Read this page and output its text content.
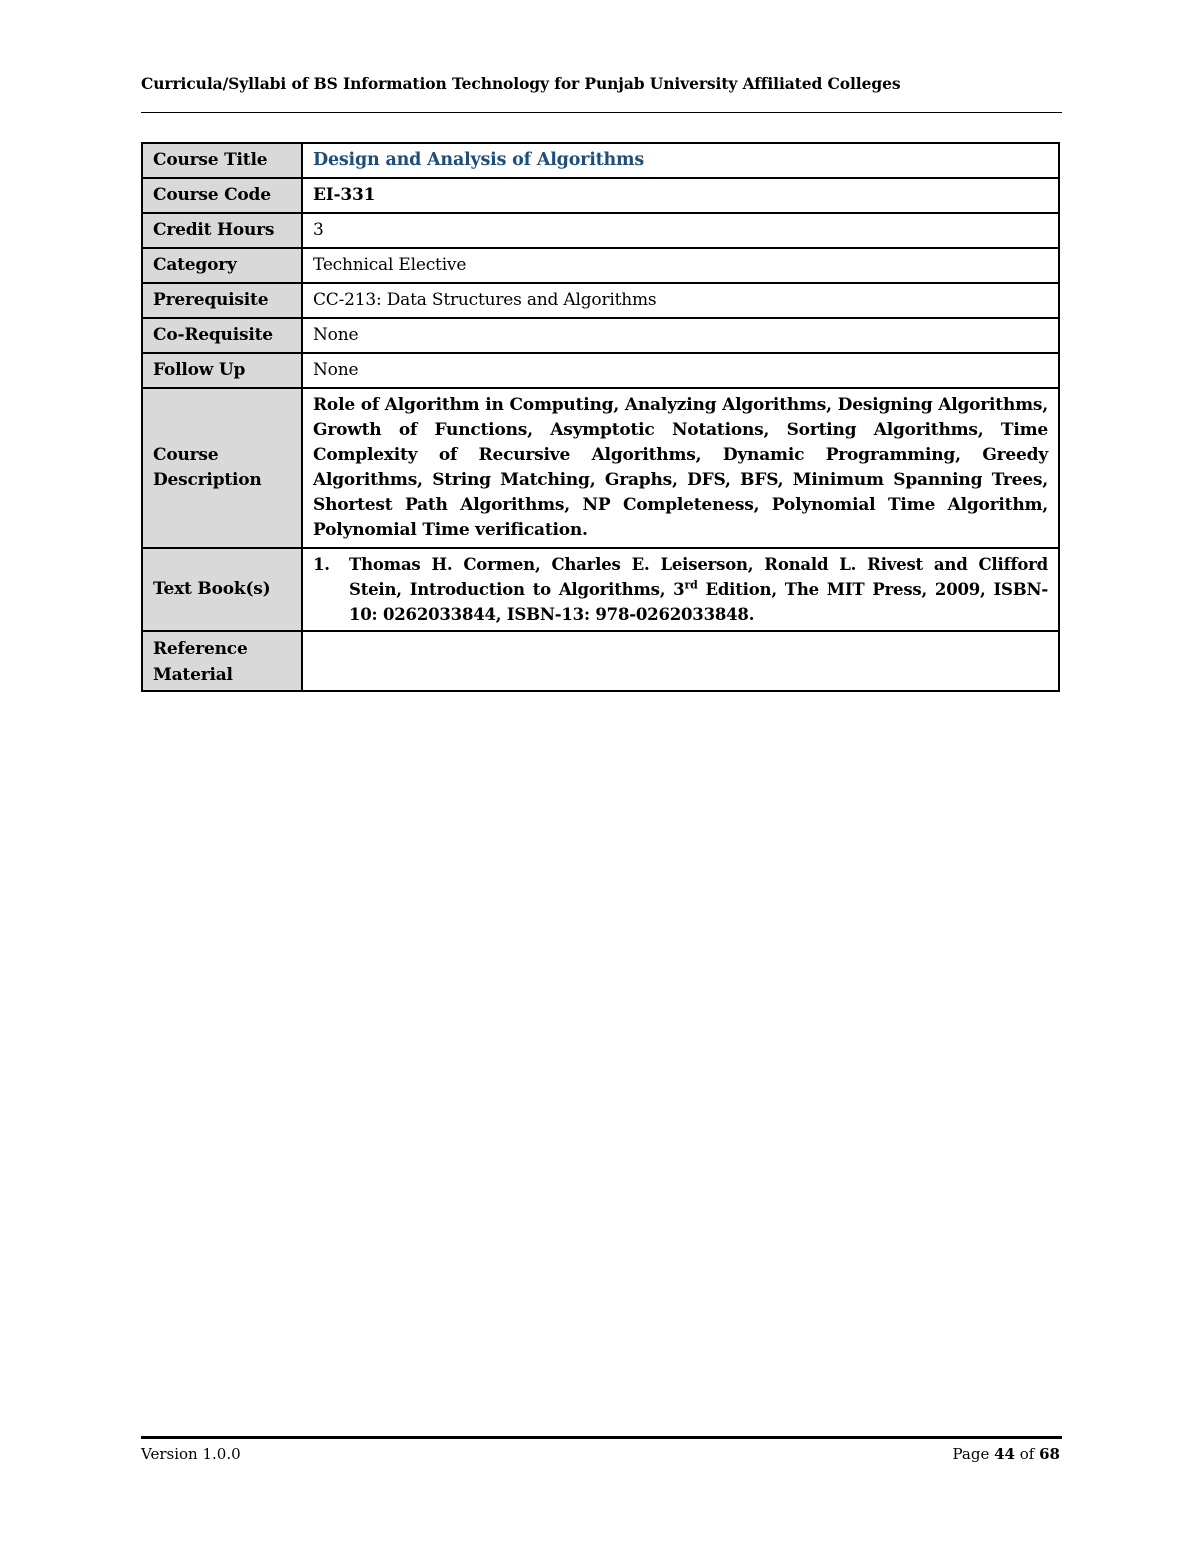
Curricula/Syllabi of BS Information Technology for Punjab University Affiliated Colleges
Course Title	Design and Analysis of Algorithms
Course Code	EI-331
Credit Hours	3
Category	Technical Elective
Prerequisite	CC-213: Data Structures and Algorithms
Co-Requisite	None
Follow Up	None
Course Description	Role of Algorithm in Computing, Analyzing Algorithms, Designing Algorithms, Growth of Functions, Asymptotic Notations, Sorting Algorithms, Time Complexity of Recursive Algorithms, Dynamic Programming, Greedy Algorithms, String Matching, Graphs, DFS, BFS, Minimum Spanning Trees, Shortest Path Algorithms, NP Completeness, Polynomial Time Algorithm, Polynomial Time verification.
Text Book(s)	1. Thomas H. Cormen, Charles E. Leiserson, Ronald L. Rivest and Clifford Stein, Introduction to Algorithms, 3rd Edition, The MIT Press, 2009, ISBN-10: 0262033844, ISBN-13: 978-0262033848.

Reference Material	
Version 1.0.0	Page 44 of 68
